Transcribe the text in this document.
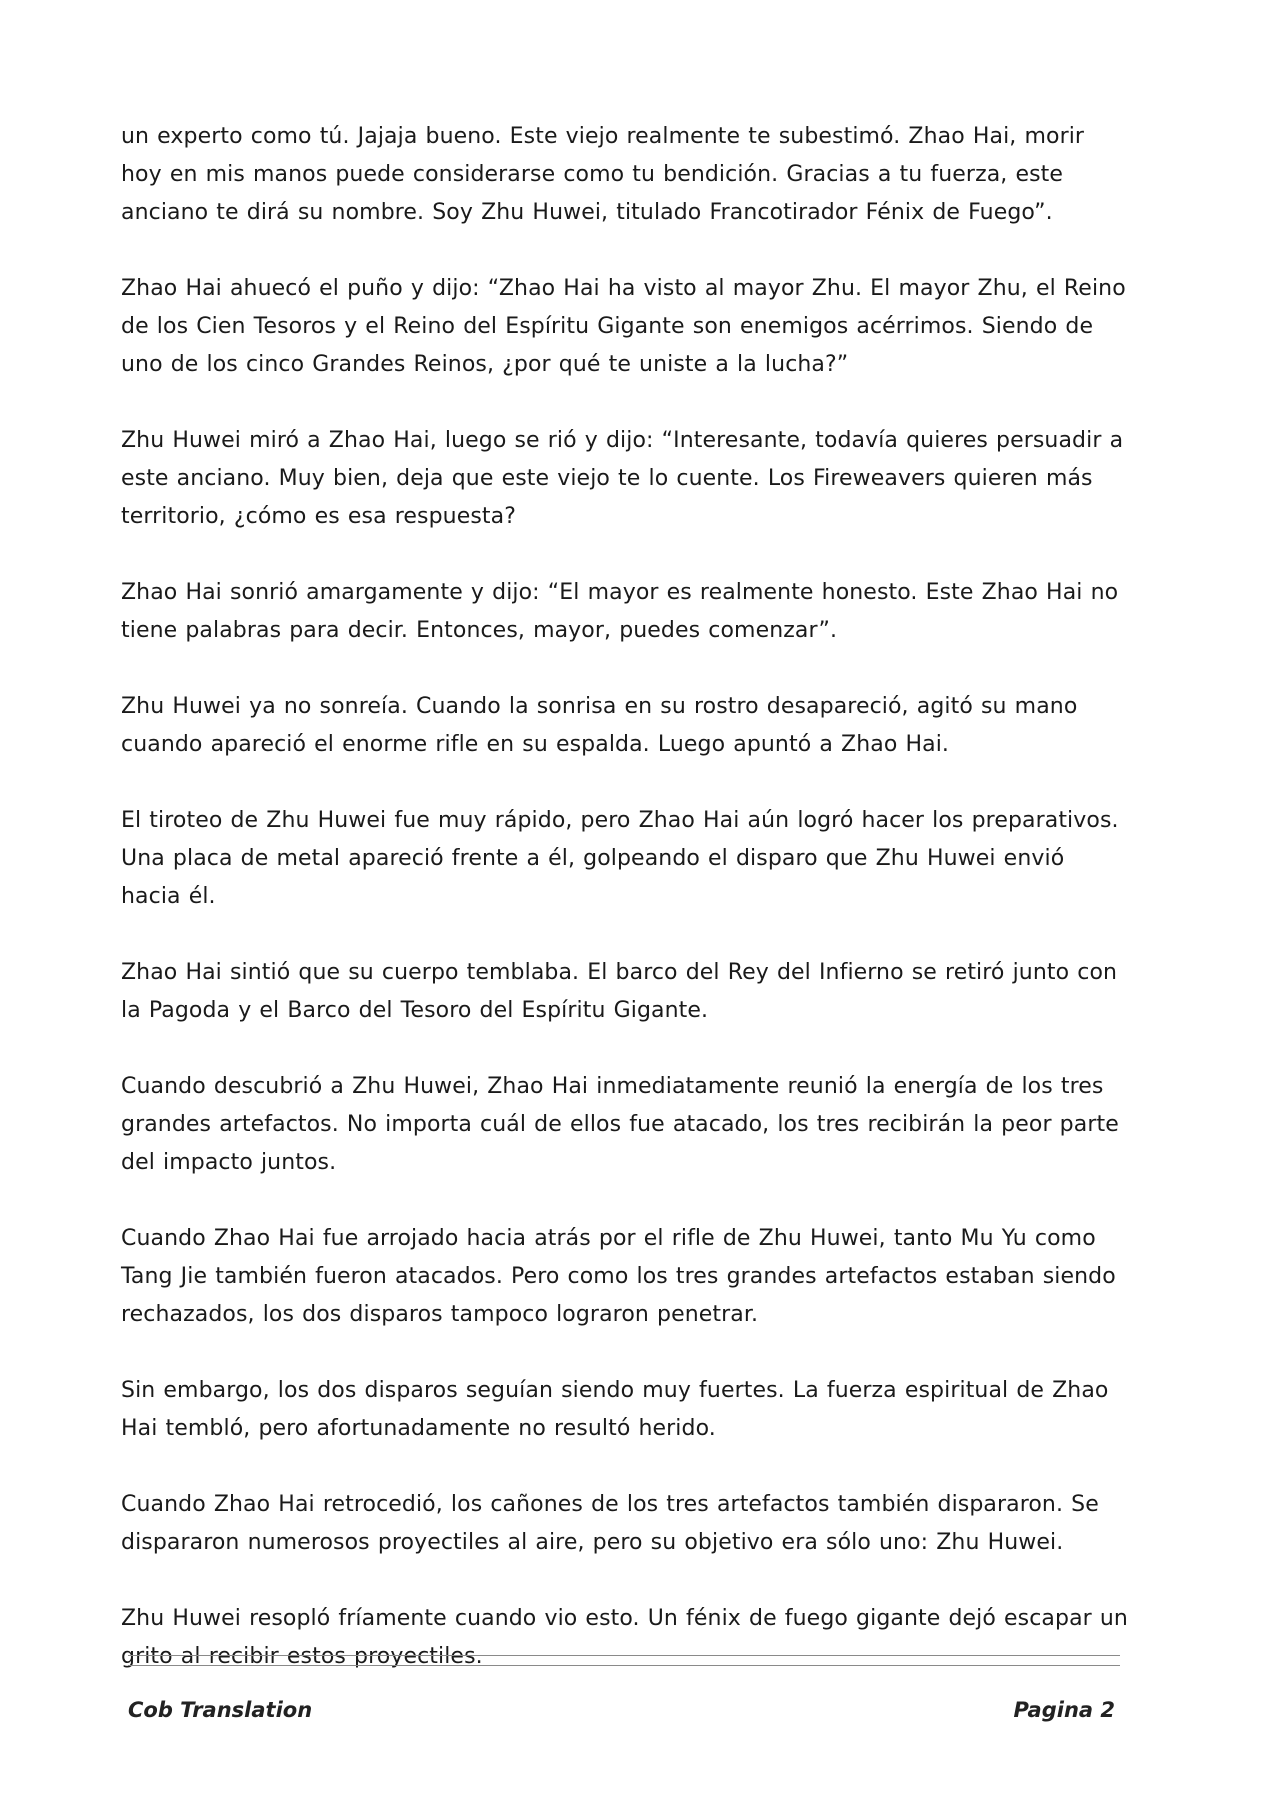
un experto como tú. Jajaja bueno. Este viejo realmente te subestimó. Zhao Hai, morir hoy en mis manos puede considerarse como tu bendición. Gracias a tu fuerza, este anciano te dirá su nombre. Soy Zhu Huwei, titulado Francotirador Fénix de Fuego”.

Zhao Hai ahuecó el puño y dijo: “Zhao Hai ha visto al mayor Zhu. El mayor Zhu, el Reino de los Cien Tesoros y el Reino del Espíritu Gigante son enemigos acérrimos. Siendo de uno de los cinco Grandes Reinos, ¿por qué te uniste a la lucha?”

Zhu Huwei miró a Zhao Hai, luego se rió y dijo: “Interesante, todavía quieres persuadir a este anciano. Muy bien, deja que este viejo te lo cuente. Los Fireweavers quieren más territorio, ¿cómo es esa respuesta?

Zhao Hai sonrió amargamente y dijo: “El mayor es realmente honesto. Este Zhao Hai no tiene palabras para decir. Entonces, mayor, puedes comenzar”.

Zhu Huwei ya no sonreía. Cuando la sonrisa en su rostro desapareció, agitó su mano cuando apareció el enorme rifle en su espalda. Luego apuntó a Zhao Hai.

El tiroteo de Zhu Huwei fue muy rápido, pero Zhao Hai aún logró hacer los preparativos. Una placa de metal apareció frente a él, golpeando el disparo que Zhu Huwei envió hacia él.

Zhao Hai sintió que su cuerpo temblaba. El barco del Rey del Infierno se retiró junto con la Pagoda y el Barco del Tesoro del Espíritu Gigante.

Cuando descubrió a Zhu Huwei, Zhao Hai inmediatamente reunió la energía de los tres grandes artefactos. No importa cuál de ellos fue atacado, los tres recibirán la peor parte del impacto juntos.

Cuando Zhao Hai fue arrojado hacia atrás por el rifle de Zhu Huwei, tanto Mu Yu como Tang Jie también fueron atacados. Pero como los tres grandes artefactos estaban siendo rechazados, los dos disparos tampoco lograron penetrar.

Sin embargo, los dos disparos seguían siendo muy fuertes. La fuerza espiritual de Zhao Hai tembló, pero afortunadamente no resultó herido.

Cuando Zhao Hai retrocedió, los cañones de los tres artefactos también dispararon. Se dispararon numerosos proyectiles al aire, pero su objetivo era sólo uno: Zhu Huwei.

Zhu Huwei resopló fríamente cuando vio esto. Un fénix de fuego gigante dejó escapar un grito al recibir estos proyectiles.

Cob Translation	Pagina 2
